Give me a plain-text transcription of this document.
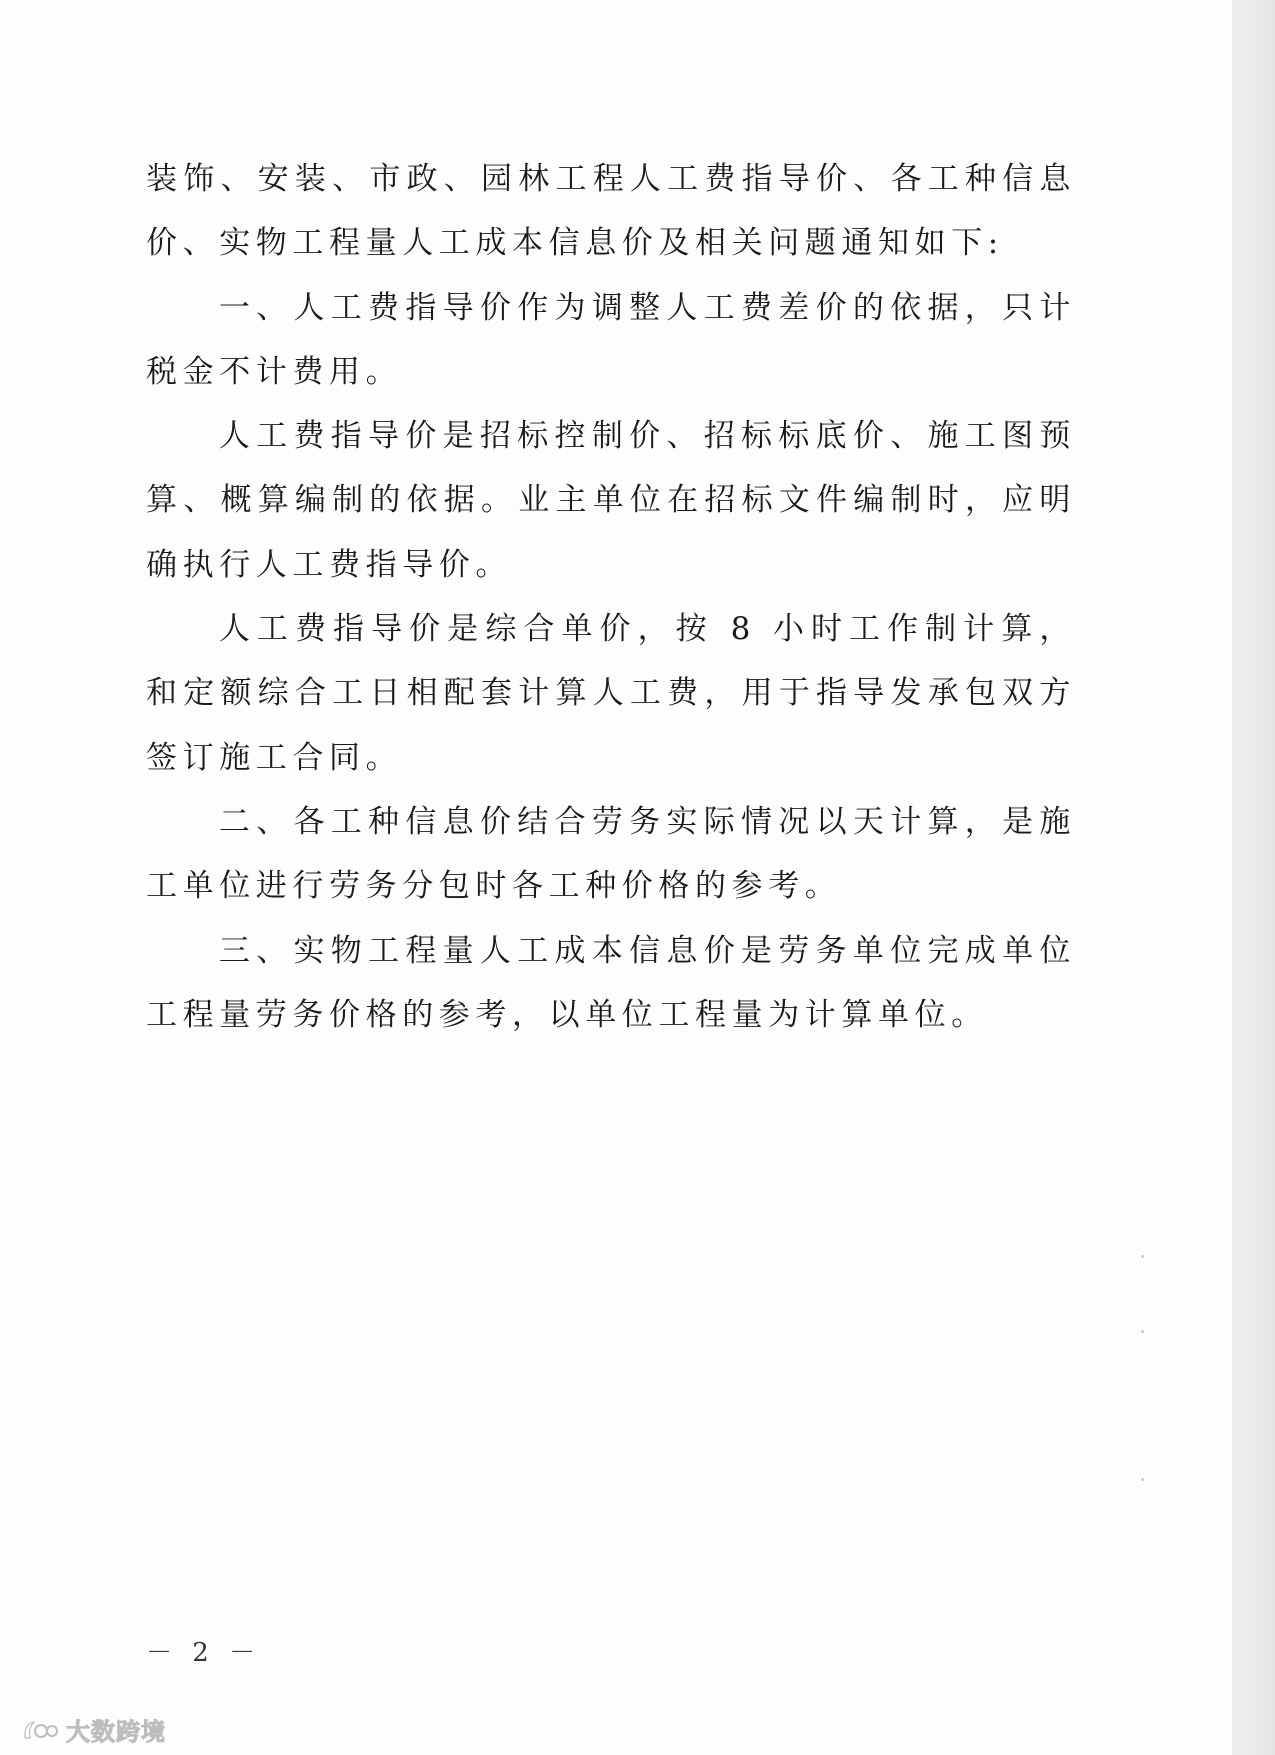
装饰、安装、市政、园林工程人工费指导价、各工种信息价、实物工程量人工成本信息价及相关问题通知如下:

一、人工费指导价作为调整人工费差价的依据，只计税金不计费用。

人工费指导价是招标控制价、招标标底价、施工图预算、概算编制的依据。业主单位在招标文件编制时，应明确执行人工费指导价。

人工费指导价是综合单价，按 8 小时工作制计算，和定额综合工日相配套计算人工费，用于指导发承包双方签订施工合同。

二、各工种信息价结合劳务实际情况以天计算，是施工单位进行劳务分包时各工种价格的参考。

三、实物工程量人工成本信息价是劳务单位完成单位工程量劳务价格的参考，以单位工程量为计算单位。

－ 2 －
大数跨境
